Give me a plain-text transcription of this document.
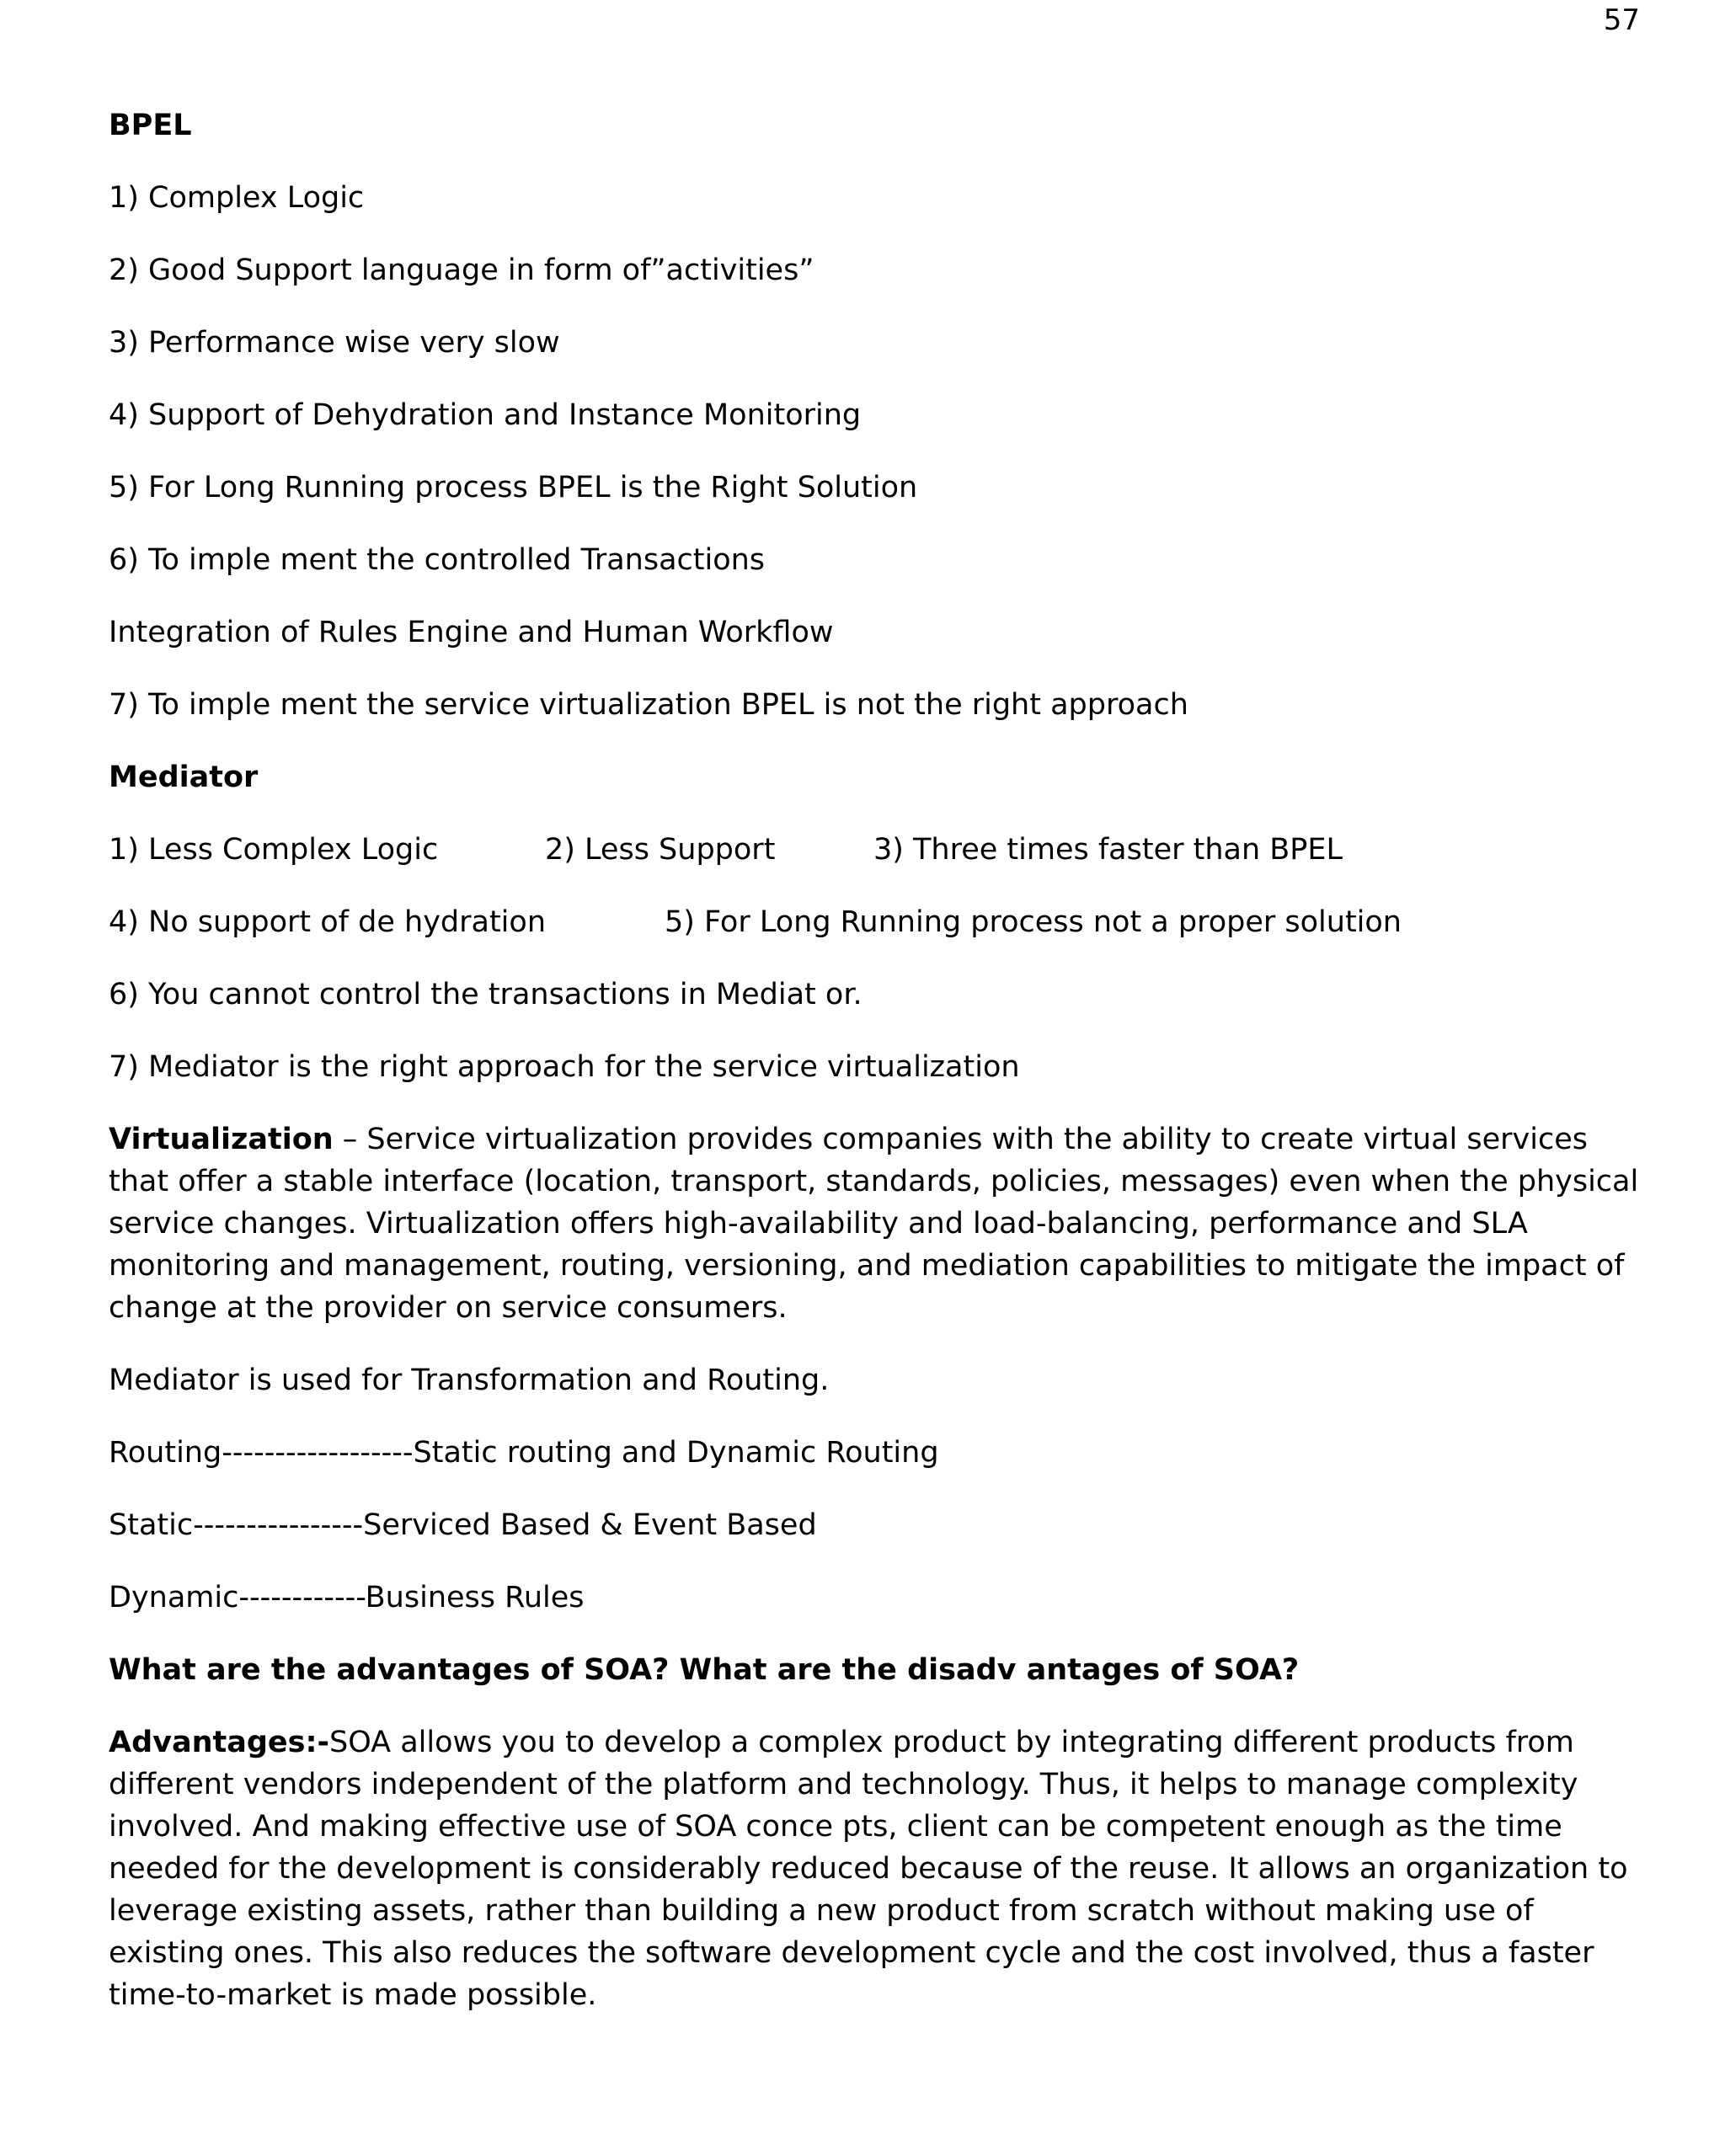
57
BPEL
1) Complex Logic
2) Good Support language in form of”activities”
3) Performance wise very slow
4) Support of Dehydration and Instance Monitoring
5) For Long Running process BPEL is the Right Solution
6) To imple ment the controlled Transactions
Integration of Rules Engine and Human Workflow
7) To imple ment the service virtualization BPEL is not the right approach
Mediator
1) Less Complex Logic	2) Less Support	3) Three times faster than BPEL
4) No support of de hydration	5) For Long Running process not a proper solution
6) You cannot control the transactions in Mediat or.
7) Mediator is the right approach for the service virtualization
Virtualization – Service virtualization provides companies with the ability to create virtual services that offer a stable interface (location, transport, standards, policies, messages) even when the physical service changes. Virtualization offers high-availability and load-balancing, performance and SLA monitoring and management, routing, versioning, and mediation capabilities to mitigate the impact of change at the provider on service consumers.
Mediator is used for Transformation and Routing.
Routing------------------Static routing and Dynamic Routing
Static----------------Serviced Based & Event Based
Dynamic------------Business Rules
What are the advantages of SOA? What are the disadv antages of SOA?
Advantages:-SOA allows you to develop a complex product by integrating different products from different vendors independent of the platform and technology. Thus, it helps to manage complexity involved. And making effective use of SOA conce pts, client can be competent enough as the time needed for the development is considerably reduced because of the reuse. It allows an organization to leverage existing assets, rather than building a new product from scratch without making use of existing ones. This also reduces the software development cycle and the cost involved, thus a faster time-to-market is made possible.
